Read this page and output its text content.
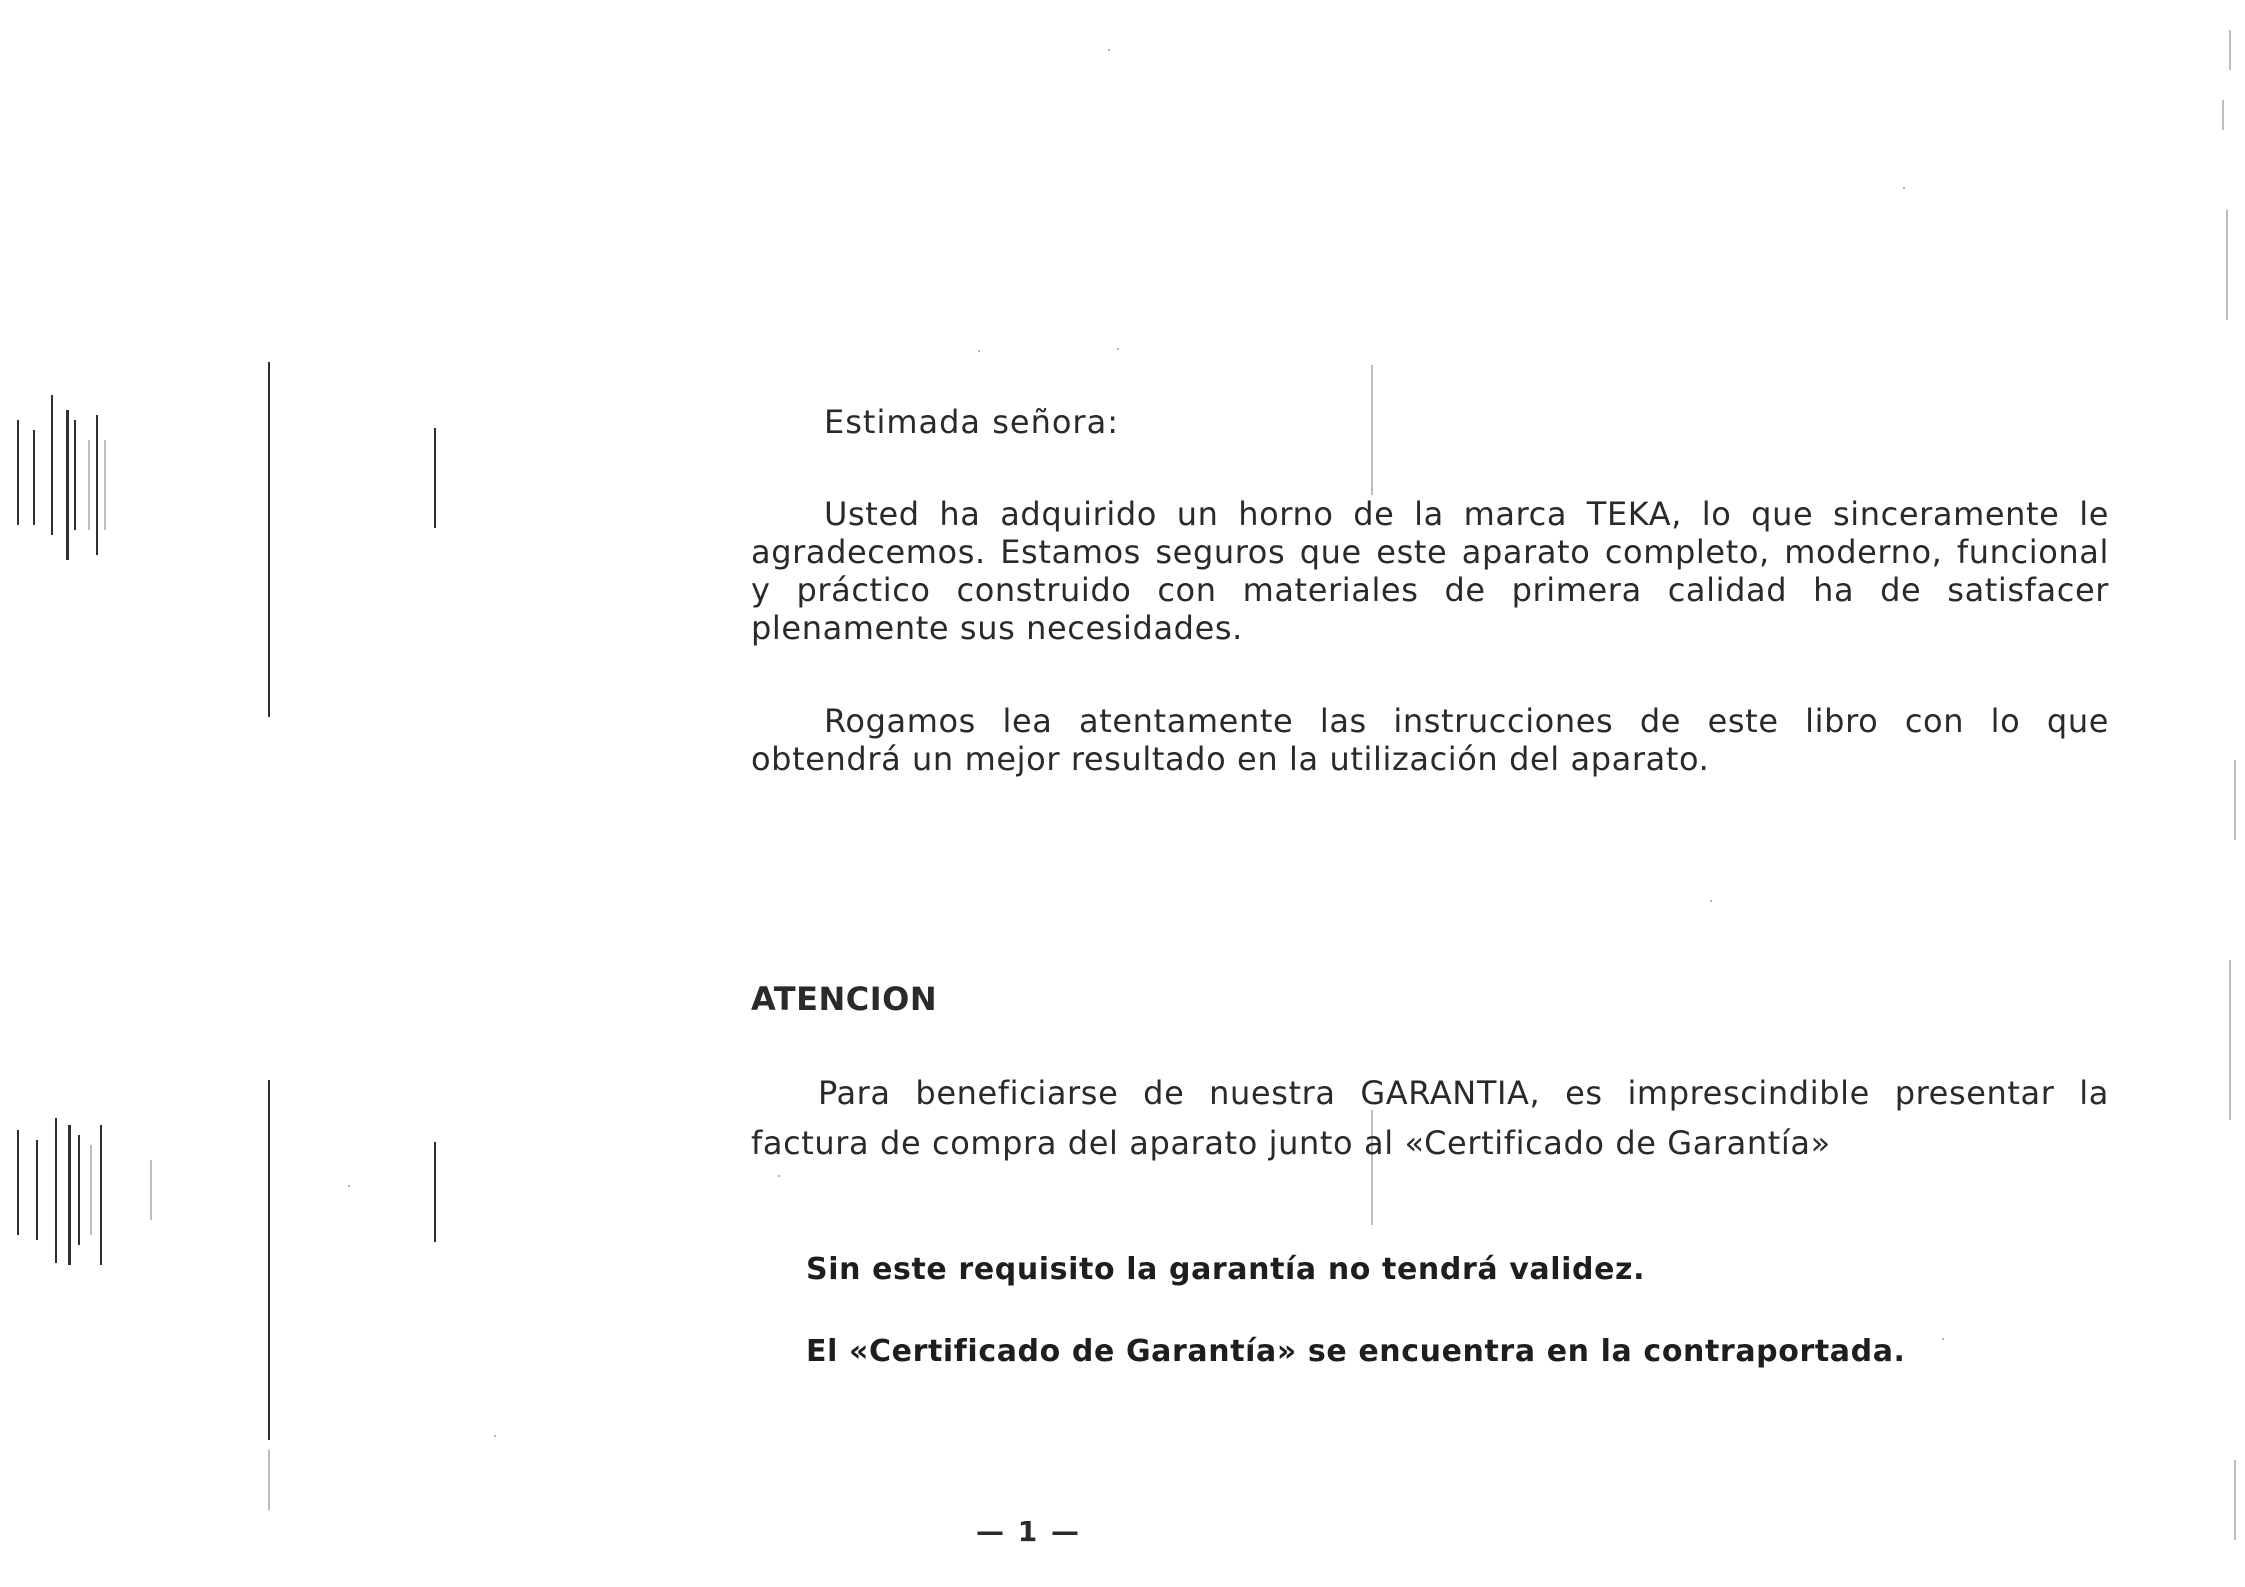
Estimada señora:

Usted ha adquirido un horno de la marca TEKA, lo que sinceramente le agradecemos. Estamos seguros que este aparato completo, moderno, funcional y práctico construido con materiales de primera calidad ha de satisfacer plenamente sus necesidades.

Rogamos lea atentamente las instrucciones de este libro con lo que obtendrá un mejor resultado en la utilización del aparato.

ATENCION

Para beneficiarse de nuestra GARANTIA, es imprescindible presentar la factura de compra del aparato junto al «Certificado de Garantía»

Sin este requisito la garantía no tendrá validez.
El «Certificado de Garantía» se encuentra en la contraportada.
— 1 —
